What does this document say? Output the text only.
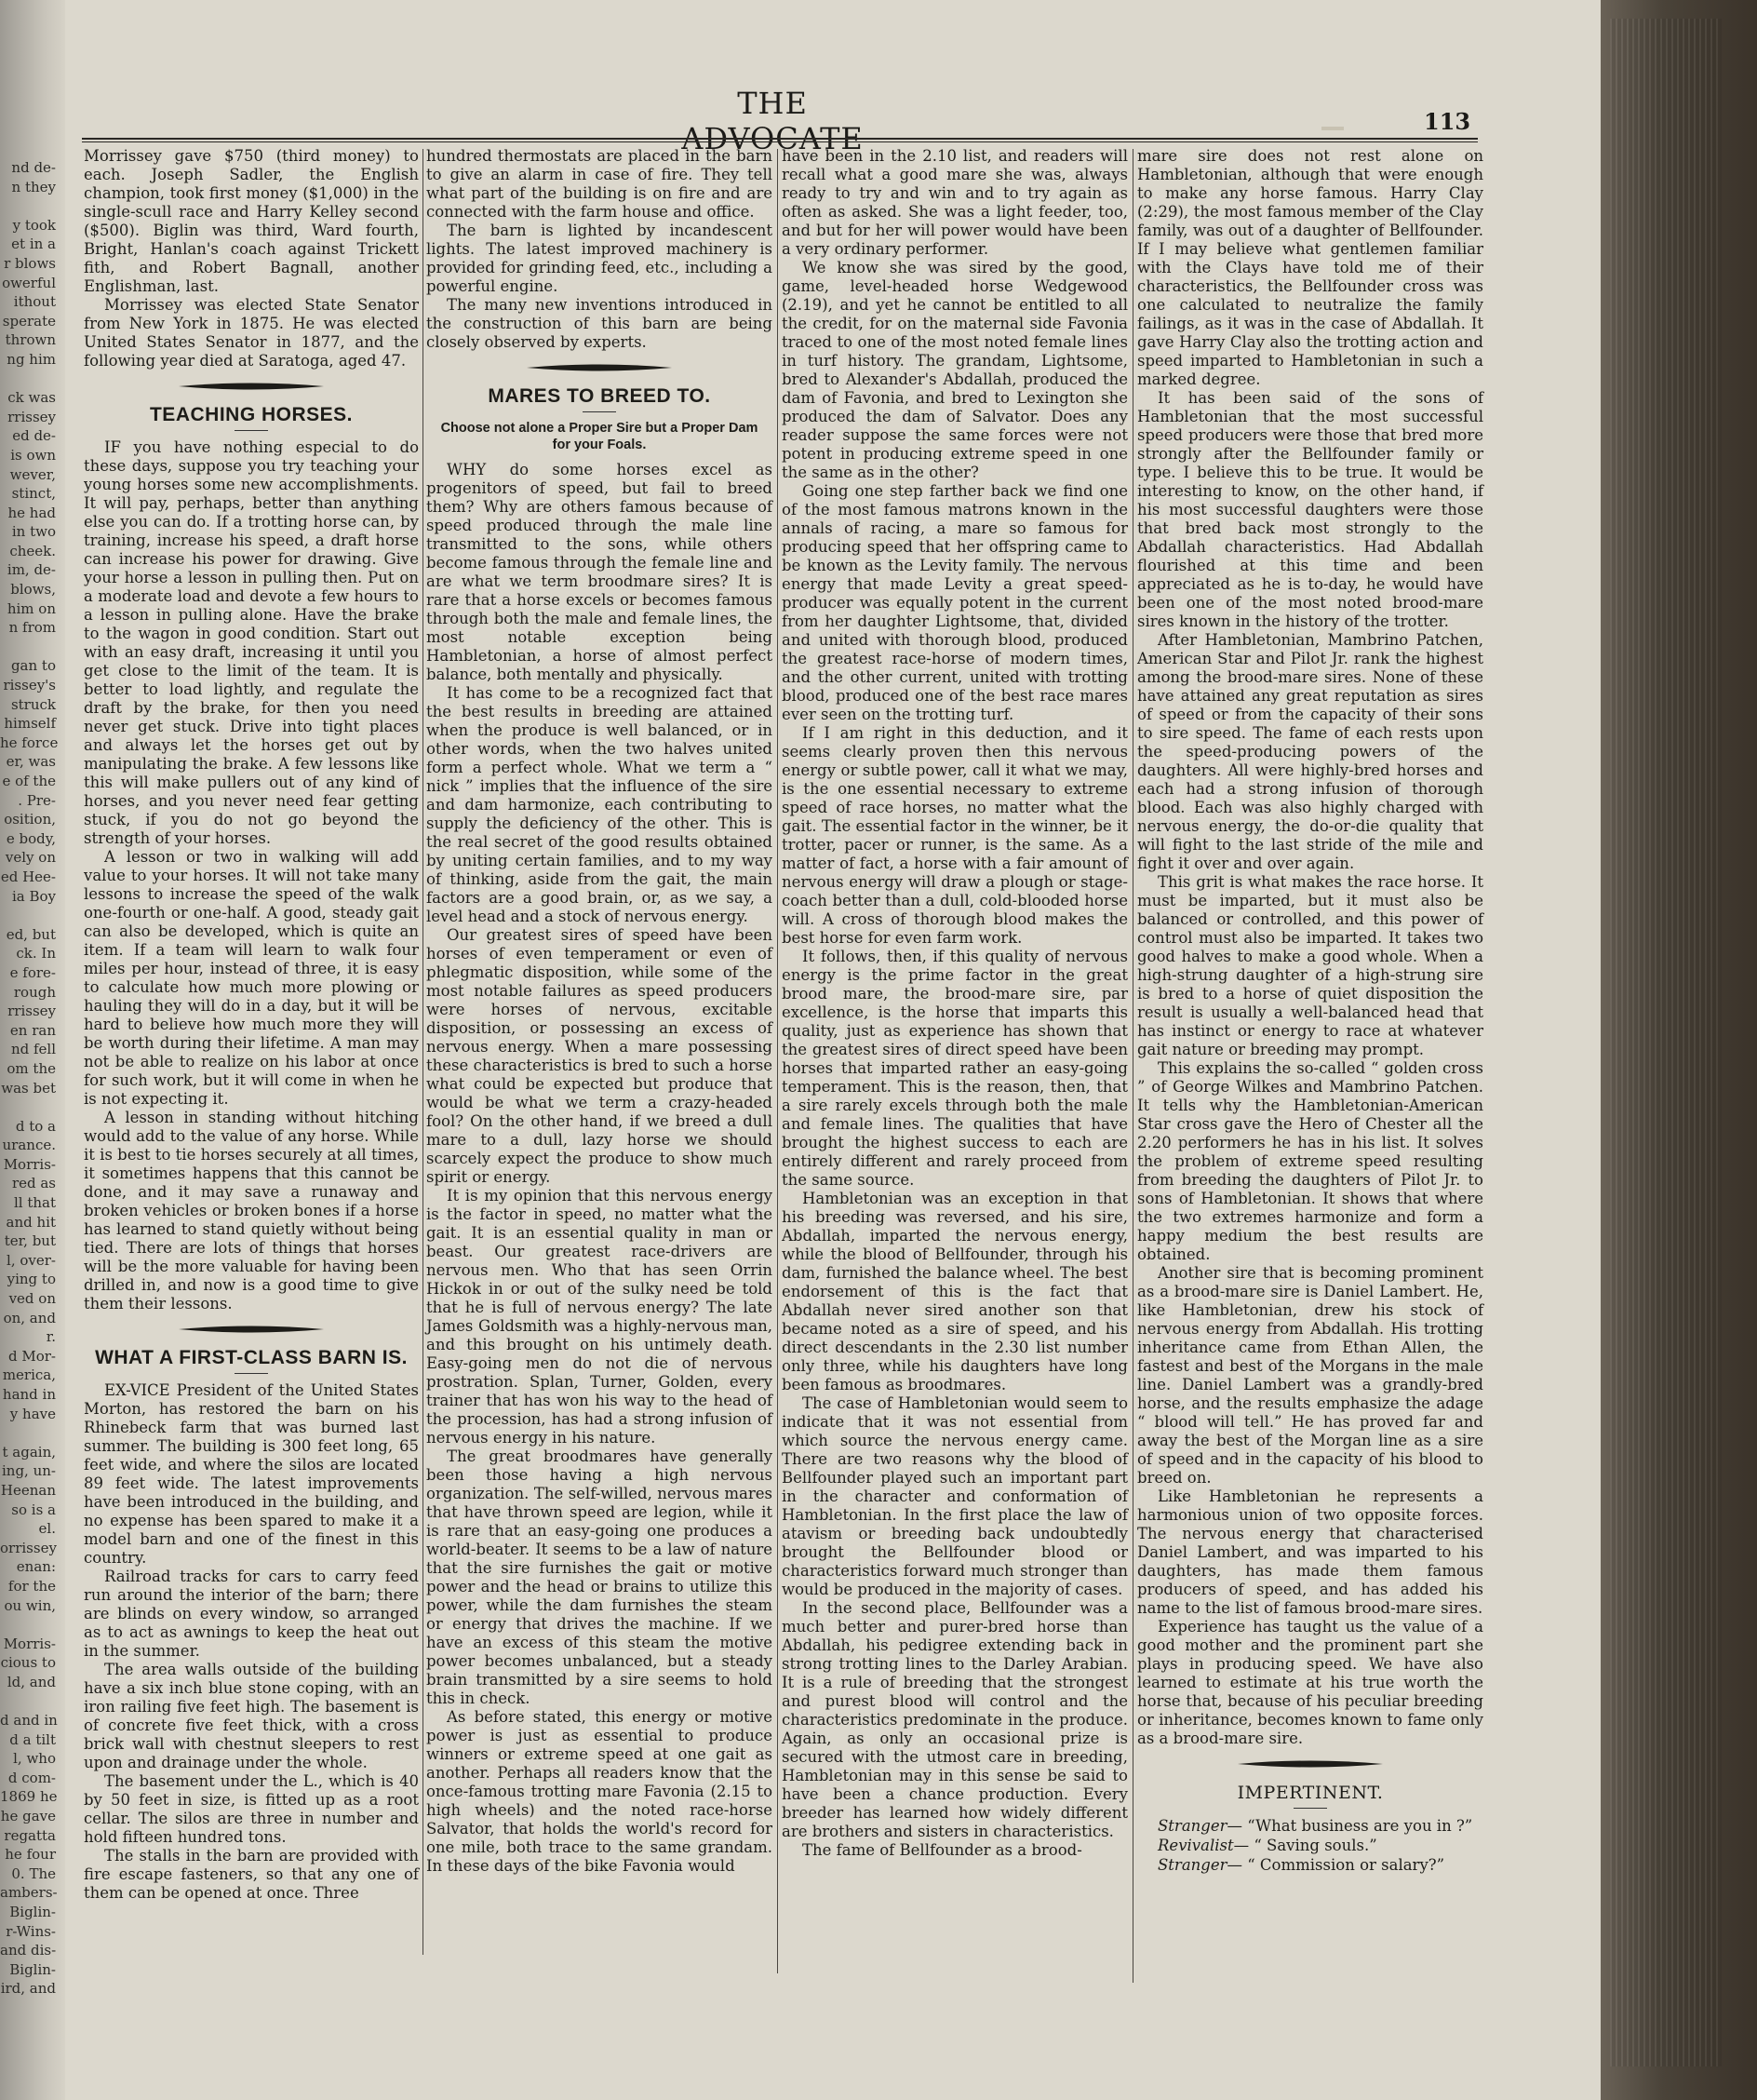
nd de-
n they

y took
et in a
r blows
owerful
ithout
sperate
thrown
ng him

ck was
rrissey
ed de-
is own
wever,
stinct,
he had
in two
cheek.
im, de-
blows,
him on
n from

gan to
rissey's
struck
himself
he force
er, was
e of the
. Pre-
osition,
e body,
vely on
ed Hee-
ia Boy

ed, but
ck. In
e fore-
rough
rrissey
en ran
nd fell
om the
was bet

d to a
urance.
Morris-
red as
ll that
and hit
ter, but
l, over-
ying to
ved on
on, and
r.
d Mor-
merica,
hand in
y have

t again,
ing, un-
Heenan
so is a
el.
orrissey
enan:
for the
ou win,

Morris-
cious to
ld, and

d and in
d a tilt
l, who
d com-
1869 he
he gave
regatta
he four
0. The
ambers-
Biglin-
r-Wins-
and dis-
Biglin-
ird, and
THE ADVOCATE	113

Morrissey gave $750 (third money) to each. Joseph Sadler, the English champion, took first money ($1,000) in the single-scull race and Harry Kelley second ($500). Biglin was third, Ward fourth, Bright, Hanlan's coach against Trickett fith, and Robert Bagnall, another Englishman, last.

Morrissey was elected State Senator from New York in 1875. He was elected United States Senator in 1877, and the following year died at Saratoga, aged 47.

TEACHING HORSES.

IF you have nothing especial to do these days, suppose you try teaching your young horses some new accomplishments. It will pay, perhaps, better than anything else you can do. If a trotting horse can, by training, increase his speed, a draft horse can increase his power for drawing. Give your horse a lesson in pulling then. Put on a moderate load and devote a few hours to a lesson in pulling alone. Have the brake to the wagon in good condition. Start out with an easy draft, increasing it until you get close to the limit of the team. It is better to load lightly, and regulate the draft by the brake, for then you need never get stuck. Drive into tight places and always let the horses get out by manipulating the brake. A few lessons like this will make pullers out of any kind of horses, and you never need fear getting stuck, if you do not go beyond the strength of your horses.

A lesson or two in walking will add value to your horses. It will not take many lessons to increase the speed of the walk one-fourth or one-half. A good, steady gait can also be developed, which is quite an item. If a team will learn to walk four miles per hour, instead of three, it is easy to calculate how much more plowing or hauling they will do in a day, but it will be hard to believe how much more they will be worth during their lifetime. A man may not be able to realize on his labor at once for such work, but it will come in when he is not expecting it.

A lesson in standing without hitching would add to the value of any horse. While it is best to tie horses securely at all times, it sometimes happens that this cannot be done, and it may save a runaway and broken vehicles or broken bones if a horse has learned to stand quietly without being tied. There are lots of things that horses will be the more valuable for having been drilled in, and now is a good time to give them their lessons.

WHAT A FIRST-CLASS BARN IS.

EX-VICE President of the United States Morton, has restored the barn on his Rhinebeck farm that was burned last summer. The building is 300 feet long, 65 feet wide, and where the silos are located 89 feet wide. The latest improvements have been introduced in the building, and no expense has been spared to make it a model barn and one of the finest in this country.

Railroad tracks for cars to carry feed run around the interior of the barn; there are blinds on every window, so arranged as to act as awnings to keep the heat out in the summer.

The area walls outside of the building have a six inch blue stone coping, with an iron railing five feet high. The basement is of concrete five feet thick, with a cross brick wall with chestnut sleepers to rest upon and drainage under the whole.

The basement under the L., which is 40 by 50 feet in size, is fitted up as a root cellar. The silos are three in number and hold fifteen hundred tons.

The stalls in the barn are provided with fire escape fasteners, so that any one of them can be opened at once. Three

hundred thermostats are placed in the barn to give an alarm in case of fire. They tell what part of the building is on fire and are connected with the farm house and office.

The barn is lighted by incandescent lights. The latest improved machinery is provided for grinding feed, etc., including a powerful engine.

The many new inventions introduced in the construction of this barn are being closely observed by experts.

MARES TO BREED TO.
Choose not alone a Proper Sire but a Proper Dam for your Foals.

WHY do some horses excel as progenitors of speed, but fail to breed them? Why are others famous because of speed produced through the male line transmitted to the sons, while others become famous through the female line and are what we term broodmare sires? It is rare that a horse excels or becomes famous through both the male and female lines, the most notable exception being Hambletonian, a horse of almost perfect balance, both mentally and physically.

It has come to be a recognized fact that the best results in breeding are attained when the produce is well balanced, or in other words, when the two halves united form a perfect whole. What we term a “ nick ” implies that the influence of the sire and dam harmonize, each contributing to supply the deficiency of the other. This is the real secret of the good results obtained by uniting certain families, and to my way of thinking, aside from the gait, the main factors are a good brain, or, as we say, a level head and a stock of nervous energy.

Our greatest sires of speed have been horses of even temperament or even of phlegmatic disposition, while some of the most notable failures as speed producers were horses of nervous, excitable disposition, or possessing an excess of nervous energy. When a mare possessing these characteristics is bred to such a horse what could be expected but produce that would be what we term a crazy-headed fool? On the other hand, if we breed a dull mare to a dull, lazy horse we should scarcely expect the produce to show much spirit or energy.

It is my opinion that this nervous energy is the factor in speed, no matter what the gait. It is an essential quality in man or beast. Our greatest race-drivers are nervous men. Who that has seen Orrin Hickok in or out of the sulky need be told that he is full of nervous energy? The late James Goldsmith was a highly-nervous man, and this brought on his untimely death. Easy-going men do not die of nervous prostration. Splan, Turner, Golden, every trainer that has won his way to the head of the procession, has had a strong infusion of nervous energy in his nature.

The great broodmares have generally been those having a high nervous organization. The self-willed, nervous mares that have thrown speed are legion, while it is rare that an easy-going one produces a world-beater. It seems to be a law of nature that the sire furnishes the gait or motive power and the head or brains to utilize this power, while the dam furnishes the steam or energy that drives the machine. If we have an excess of this steam the motive power becomes unbalanced, but a steady brain transmitted by a sire seems to hold this in check.

As before stated, this energy or motive power is just as essential to produce winners or extreme speed at one gait as another. Perhaps all readers know that the once-famous trotting mare Favonia (2.15 to high wheels) and the noted race-horse Salvator, that holds the world's record for one mile, both trace to the same grandam. In these days of the bike Favonia would

have been in the 2.10 list, and readers will recall what a good mare she was, always ready to try and win and to try again as often as asked. She was a light feeder, too, and but for her will power would have been a very ordinary performer.

We know she was sired by the good, game, level-headed horse Wedgewood (2.19), and yet he cannot be entitled to all the credit, for on the maternal side Favonia traced to one of the most noted female lines in turf history. The grandam, Lightsome, bred to Alexander's Abdallah, produced the dam of Favonia, and bred to Lexington she produced the dam of Salvator. Does any reader suppose the same forces were not potent in producing extreme speed in one the same as in the other?

Going one step farther back we find one of the most famous matrons known in the annals of racing, a mare so famous for producing speed that her offspring came to be known as the Levity family. The nervous energy that made Levity a great speed-producer was equally potent in the current from her daughter Lightsome, that, divided and united with thorough blood, produced the greatest race-horse of modern times, and the other current, united with trotting blood, produced one of the best race mares ever seen on the trotting turf.

If I am right in this deduction, and it seems clearly proven then this nervous energy or subtle power, call it what we may, is the one essential necessary to extreme speed of race horses, no matter what the gait. The essential factor in the winner, be it trotter, pacer or runner, is the same. As a matter of fact, a horse with a fair amount of nervous energy will draw a plough or stage-coach better than a dull, cold-blooded horse will. A cross of thorough blood makes the best horse for even farm work.

It follows, then, if this quality of nervous energy is the prime factor in the great brood mare, the brood-mare sire, par excellence, is the horse that imparts this quality, just as experience has shown that the greatest sires of direct speed have been horses that imparted rather an easy-going temperament. This is the reason, then, that a sire rarely excels through both the male and female lines. The qualities that have brought the highest success to each are entirely different and rarely proceed from the same source.

Hambletonian was an exception in that his breeding was reversed, and his sire, Abdallah, imparted the nervous energy, while the blood of Bellfounder, through his dam, furnished the balance wheel. The best endorsement of this is the fact that Abdallah never sired another son that became noted as a sire of speed, and his direct descendants in the 2.30 list number only three, while his daughters have long been famous as broodmares.

The case of Hambletonian would seem to indicate that it was not essential from which source the nervous energy came. There are two reasons why the blood of Bellfounder played such an important part in the character and conformation of Hambletonian. In the first place the law of atavism or breeding back undoubtedly brought the Bellfounder blood or characteristics forward much stronger than would be produced in the majority of cases.

In the second place, Bellfounder was a much better and purer-bred horse than Abdallah, his pedigree extending back in strong trotting lines to the Darley Arabian. It is a rule of breeding that the strongest and purest blood will control and the characteristics predominate in the produce. Again, as only an occasional prize is secured with the utmost care in breeding, Hambletonian may in this sense be said to have been a chance production. Every breeder has learned how widely different are brothers and sisters in characteristics.

The fame of Bellfounder as a brood-

mare sire does not rest alone on Hambletonian, although that were enough to make any horse famous. Harry Clay (2:29), the most famous member of the Clay family, was out of a daughter of Bellfounder. If I may believe what gentlemen familiar with the Clays have told me of their characteristics, the Bellfounder cross was one calculated to neutralize the family failings, as it was in the case of Abdallah. It gave Harry Clay also the trotting action and speed imparted to Hambletonian in such a marked degree.

It has been said of the sons of Hambletonian that the most successful speed producers were those that bred more strongly after the Bellfounder family or type. I believe this to be true. It would be interesting to know, on the other hand, if his most successful daughters were those that bred back most strongly to the Abdallah characteristics. Had Abdallah flourished at this time and been appreciated as he is to-day, he would have been one of the most noted brood-mare sires known in the history of the trotter.

After Hambletonian, Mambrino Patchen, American Star and Pilot Jr. rank the highest among the brood-mare sires. None of these have attained any great reputation as sires of speed or from the capacity of their sons to sire speed. The fame of each rests upon the speed-producing powers of the daughters. All were highly-bred horses and each had a strong infusion of thorough blood. Each was also highly charged with nervous energy, the do-or-die quality that will fight to the last stride of the mile and fight it over and over again.

This grit is what makes the race horse. It must be imparted, but it must also be balanced or controlled, and this power of control must also be imparted. It takes two good halves to make a good whole. When a high-strung daughter of a high-strung sire is bred to a horse of quiet disposition the result is usually a well-balanced head that has instinct or energy to race at whatever gait nature or breeding may prompt.

This explains the so-called “ golden cross ” of George Wilkes and Mambrino Patchen. It tells why the Hambletonian-American Star cross gave the Hero of Chester all the 2.20 performers he has in his list. It solves the problem of extreme speed resulting from breeding the daughters of Pilot Jr. to sons of Hambletonian. It shows that where the two extremes harmonize and form a happy medium the best results are obtained.

Another sire that is becoming prominent as a brood-mare sire is Daniel Lambert. He, like Hambletonian, drew his stock of nervous energy from Abdallah. His trotting inheritance came from Ethan Allen, the fastest and best of the Morgans in the male line. Daniel Lambert was a grandly-bred horse, and the results emphasize the adage “ blood will tell.” He has proved far and away the best of the Morgan line as a sire of speed and in the capacity of his blood to breed on.

Like Hambletonian he represents a harmonious union of two opposite forces. The nervous energy that characterised Daniel Lambert, and was imparted to his daughters, has made them famous producers of speed, and has added his name to the list of famous brood-mare sires.

Experience has taught us the value of a good mother and the prominent part she plays in producing speed. We have also learned to estimate at his true worth the horse that, because of his peculiar breeding or inheritance, becomes known to fame only as a brood-mare sire.

IMPERTINENT.

Stranger— “What business are you in ?”

Revivalist— “ Saving souls.”

Stranger— “ Commission or salary?”
